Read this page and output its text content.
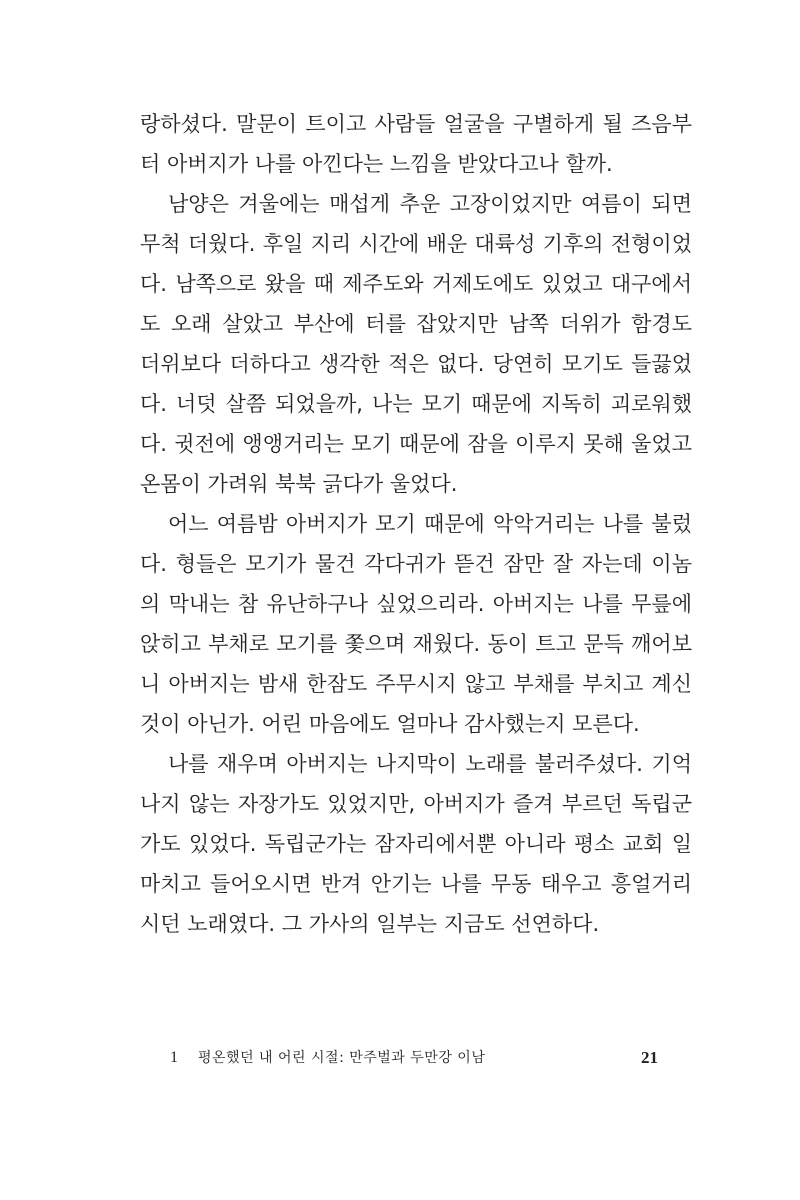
랑하셨다. 말문이 트이고 사람들 얼굴을 구별하게 될 즈음부
터 아버지가 나를 아낀다는 느낌을 받았다고나 할까.
남양은 겨울에는 매섭게 추운 고장이었지만 여름이 되면
무척 더웠다. 후일 지리 시간에 배운 대륙성 기후의 전형이었
다. 남쪽으로 왔을 때 제주도와 거제도에도 있었고 대구에서
도 오래 살았고 부산에 터를 잡았지만 남쪽 더위가 함경도
더위보다 더하다고 생각한 적은 없다. 당연히 모기도 들끓었
다. 너덧 살쯤 되었을까, 나는 모기 때문에 지독히 괴로워했
다. 귓전에 앵앵거리는 모기 때문에 잠을 이루지 못해 울었고
온몸이 가려워 북북 긁다가 울었다.
어느 여름밤 아버지가 모기 때문에 악악거리는 나를 불렀
다. 형들은 모기가 물건 각다귀가 뜯건 잠만 잘 자는데 이놈
의 막내는 참 유난하구나 싶었으리라. 아버지는 나를 무릎에
앉히고 부채로 모기를 쫓으며 재웠다. 동이 트고 문득 깨어보
니 아버지는 밤새 한잠도 주무시지 않고 부채를 부치고 계신
것이 아닌가. 어린 마음에도 얼마나 감사했는지 모른다.
나를 재우며 아버지는 나지막이 노래를 불러주셨다. 기억
나지 않는 자장가도 있었지만, 아버지가 즐겨 부르던 독립군
가도 있었다. 독립군가는 잠자리에서뿐 아니라 평소 교회 일
마치고 들어오시면 반겨 안기는 나를 무동 태우고 흥얼거리
시던 노래였다. 그 가사의 일부는 지금도 선연하다.
1 평온했던 내 어린 시절: 만주벌과 두만강 이남	21
